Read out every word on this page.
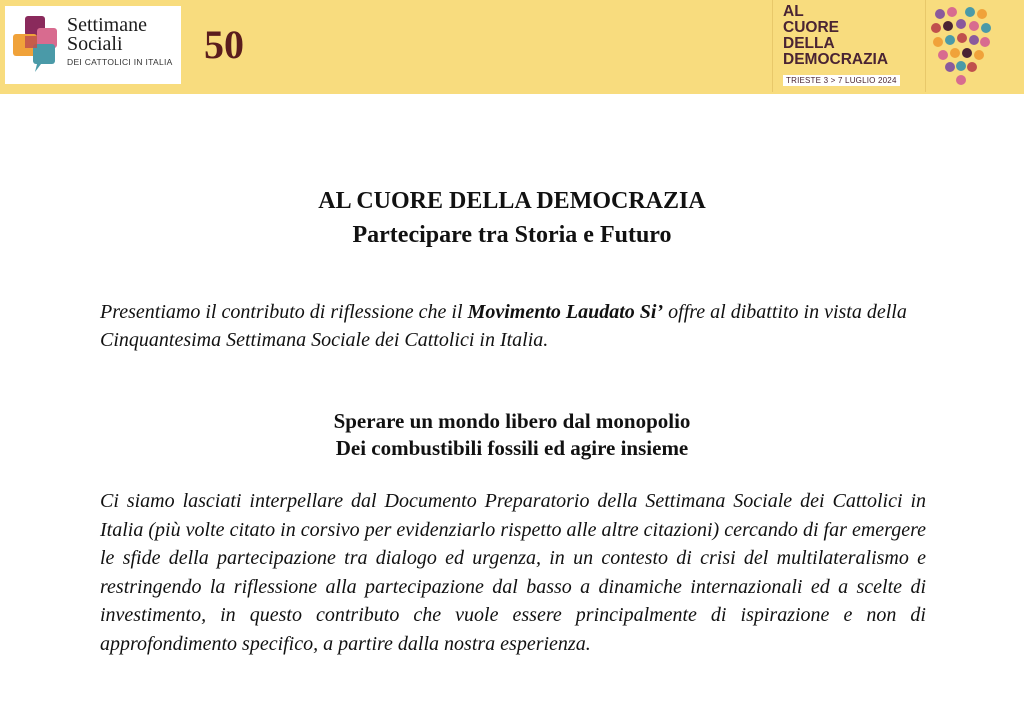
Settimane
Sociali
DEI CATTOLICI IN ITALIA 50
AL
CUORE
DELLA
DEMOCRAZIA
TRIESTE 3 > 7 LUGLIO 2024
AL CUORE DELLA DEMOCRAZIA
Partecipare tra Storia e Futuro
Presentiamo il contributo di riflessione che il Movimento Laudato Si’ offre al dibattito in vista della Cinquantesima Settimana Sociale dei Cattolici in Italia.
Sperare un mondo libero dal monopolio
Dei combustibili fossili ed agire insieme
Ci siamo lasciati interpellare dal Documento Preparatorio della Settimana Sociale dei Cattolici in Italia (più volte citato in corsivo per evidenziarlo rispetto alle altre citazioni) cercando di far emergere le sfide della partecipazione tra dialogo ed urgenza, in un contesto di crisi del multilateralismo e restringendo la riflessione alla partecipazione dal basso a dinamiche internazionali ed a scelte di investimento, in questo contributo che vuole essere principalmente di ispirazione e non di approfondimento specifico, a partire dalla nostra esperienza.
